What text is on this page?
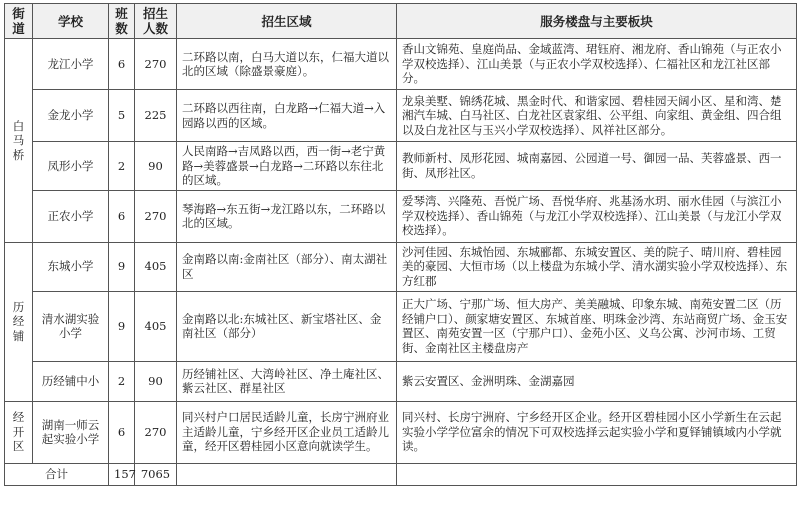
街道	学校	班数	招生人数	招生区域	服务楼盘与主要板块
白马桥	龙江小学	6	270	二环路以南，白马大道以东，仁福大道以北的区域（除盛景豪庭）。	香山文锦苑、皇庭尚品、金域蓝湾、珺钰府、湘龙府、香山锦苑（与正农小学双校选择）、江山美景（与正农小学双校选择）、仁福社区和龙江社区部分。
	金龙小学	5	225	二环路以西往南，白龙路→仁福大道→入园路以西的区域。	龙泉美墅、锦绣花城、黑金时代、和谐家园、碧桂园天阔小区、星和湾、楚湘汽车城、白马社区、白龙社区袁家组、公平组、向家组、黄金组、四合组以及白龙社区与玉兴小学双校选择）、风祥社区部分。
	凤形小学	2	90	人民南路→吉凤路以西，西一街→老宁黄路→美蓉盛景→白龙路→二环路以东往北的区域。	教师新村、凤形花园、城南嘉园、公园道一号、御园一品、芙蓉盛景、西一街、凤形社区。
	正农小学	6	270	琴海路→东五街→龙江路以东，二环路以北的区域。	爱琴湾、兴隆苑、吾悦广场、吾悦华府、兆基汤水玥、丽水佳园（与滨江小学双校选择）、香山锦苑（与龙江小学双校选择）、江山美景（与龙江小学双校选择）。
历经铺	东城小学	9	405	金南路以南:金南社区（部分）、南太湖社区	沙河佳园、东城怡园、东城郦都、东城安置区、美的院子、晴川府、碧桂园美的豪园、大恒市场（以上楼盘为东城小学、清水湖实验小学双校选择）、东方红郡
	清水湖实验小学	9	405	金南路以北:东城社区、新宝塔社区、金南社区（部分）	正大广场、宁那广场、恒大房产、美美融城、印象东城、南苑安置二区（历经铺户口）、颜家塘安置区、东城首座、明珠金沙湾、东站商贸广场、金玉安置区、南苑安置一区（宁那户口）、金苑小区、义乌公寓、沙河市场、工贸街、金南社区主楼盘房产
	历经铺中小	2	90	历经铺社区、大湾岭社区、净土庵社区、紫云社区、群星社区	紫云安置区、金洲明珠、金湖嘉园
经开区	湖南一师云起实验小学	6	270	同兴村户口居民适龄儿童，长房宁洲府业主适龄儿童，宁乡经开区企业员工适龄儿童，经开区碧桂园小区意向就读学生。	同兴村、长房宁洲府、宁乡经开区企业。经开区碧桂园小区小学新生在云起实验小学学位富余的情况下可双校选择云起实验小学和夏铎铺镇域内小学就读。
合计		157	7065		
